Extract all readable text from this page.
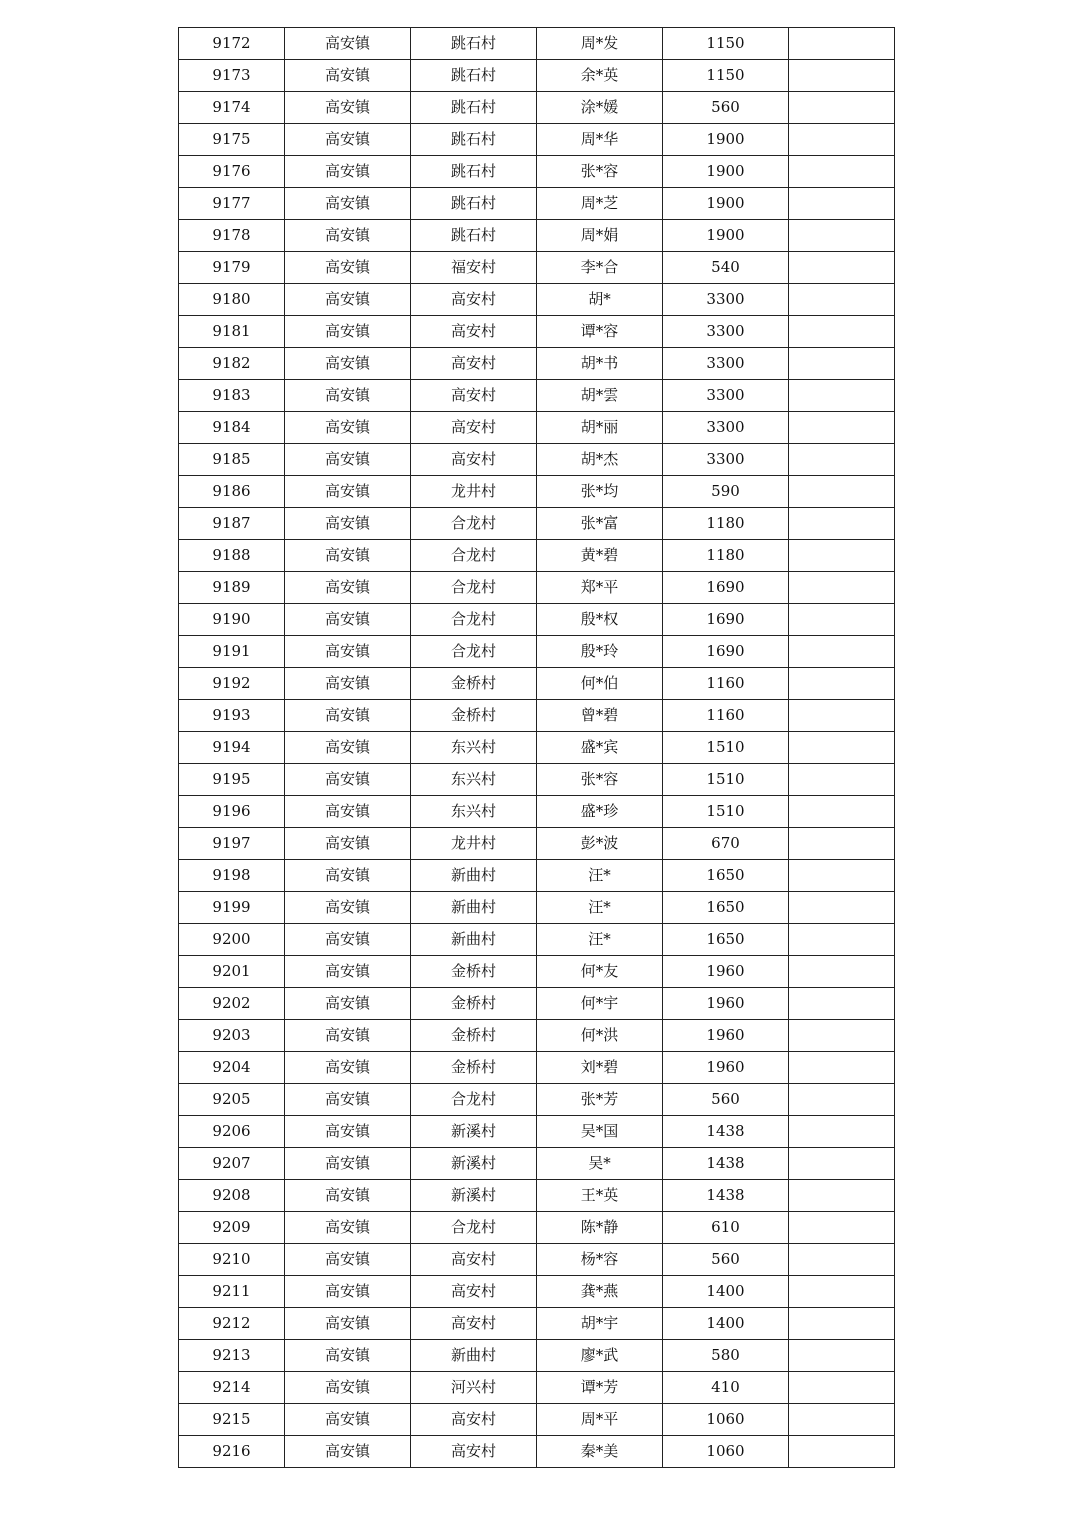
9172	高安镇	跳石村	周*发	1150	
9173	高安镇	跳石村	余*英	1150	
9174	高安镇	跳石村	涂*媛	560	
9175	高安镇	跳石村	周*华	1900	
9176	高安镇	跳石村	张*容	1900	
9177	高安镇	跳石村	周*芝	1900	
9178	高安镇	跳石村	周*娟	1900	
9179	高安镇	福安村	李*合	540	
9180	高安镇	高安村	胡*	3300	
9181	高安镇	高安村	谭*容	3300	
9182	高安镇	高安村	胡*书	3300	
9183	高安镇	高安村	胡*雲	3300	
9184	高安镇	高安村	胡*丽	3300	
9185	高安镇	高安村	胡*杰	3300	
9186	高安镇	龙井村	张*均	590	
9187	高安镇	合龙村	张*富	1180	
9188	高安镇	合龙村	黄*碧	1180	
9189	高安镇	合龙村	郑*平	1690	
9190	高安镇	合龙村	殷*权	1690	
9191	高安镇	合龙村	殷*玲	1690	
9192	高安镇	金桥村	何*伯	1160	
9193	高安镇	金桥村	曾*碧	1160	
9194	高安镇	东兴村	盛*宾	1510	
9195	高安镇	东兴村	张*容	1510	
9196	高安镇	东兴村	盛*珍	1510	
9197	高安镇	龙井村	彭*波	670	
9198	高安镇	新曲村	汪*	1650	
9199	高安镇	新曲村	汪*	1650	
9200	高安镇	新曲村	汪*	1650	
9201	高安镇	金桥村	何*友	1960	
9202	高安镇	金桥村	何*宇	1960	
9203	高安镇	金桥村	何*洪	1960	
9204	高安镇	金桥村	刘*碧	1960	
9205	高安镇	合龙村	张*芳	560	
9206	高安镇	新溪村	吴*国	1438	
9207	高安镇	新溪村	吴*	1438	
9208	高安镇	新溪村	王*英	1438	
9209	高安镇	合龙村	陈*静	610	
9210	高安镇	高安村	杨*容	560	
9211	高安镇	高安村	龚*燕	1400	
9212	高安镇	高安村	胡*宇	1400	
9213	高安镇	新曲村	廖*武	580	
9214	高安镇	河兴村	谭*芳	410	
9215	高安镇	高安村	周*平	1060	
9216	高安镇	高安村	秦*美	1060	
